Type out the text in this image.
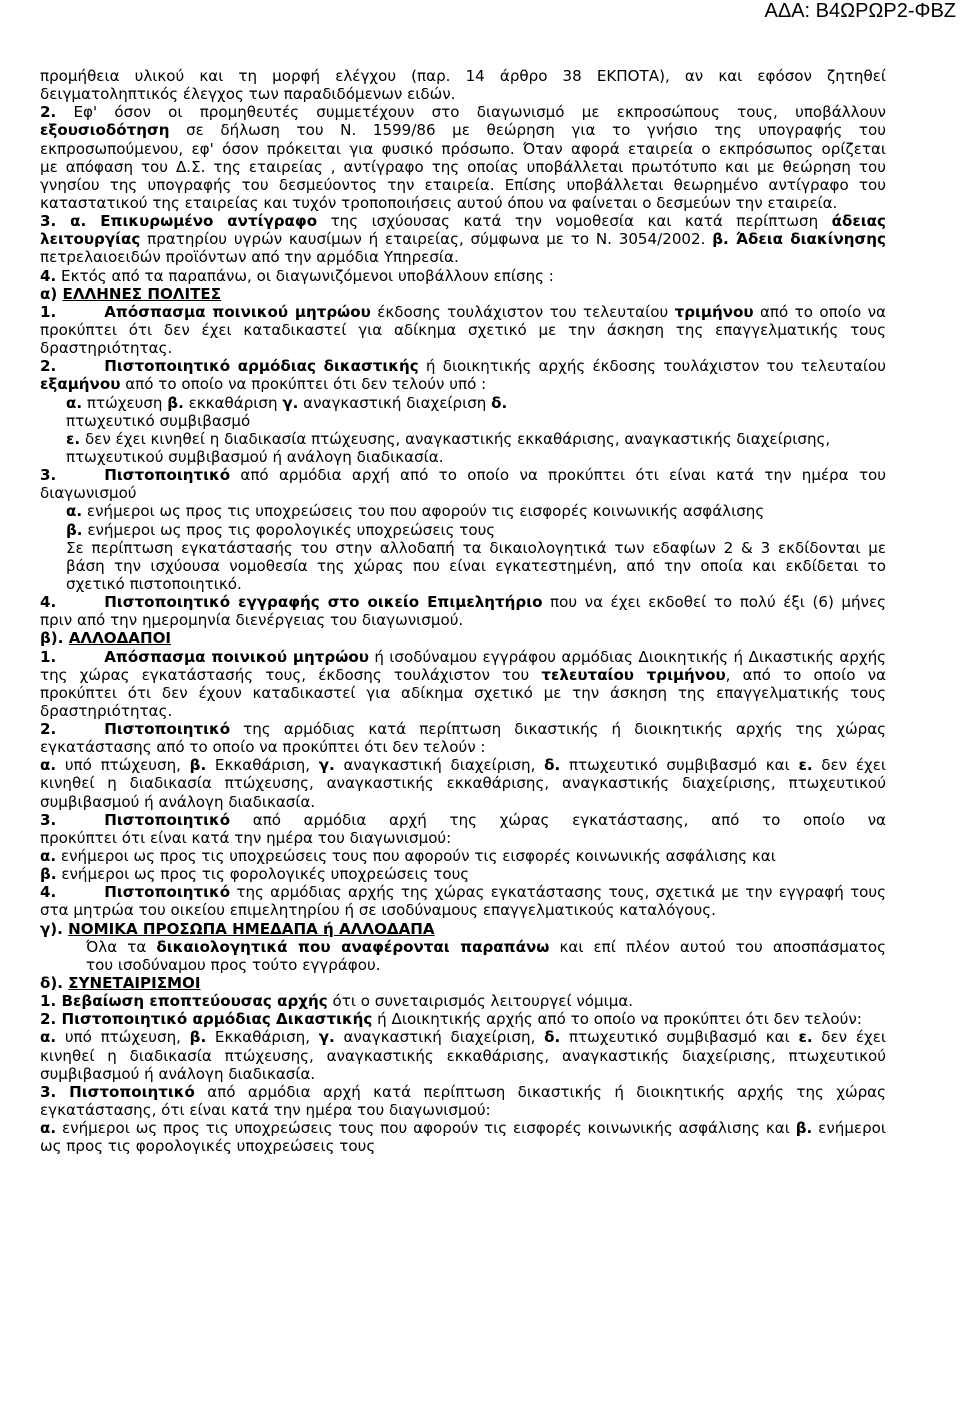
ΑΔΑ: Β4ΩΡΩΡ2-ΦΒΖ
προμήθεια υλικού και τη μορφή ελέγχου (παρ. 14 άρθρο 38 ΕΚΠΟΤΑ), αν και εφόσον ζητηθεί
δειγματοληπτικός έλεγχος των παραδιδόμενων ειδών.
2. Εφ' όσον οι προμηθευτές συμμετέχουν στο διαγωνισμό με εκπροσώπους τους, υποβάλλουν
εξουσιοδότηση σε δήλωση του Ν. 1599/86 με θεώρηση για το γνήσιο της υπογραφής του
εκπροσωπούμενου, εφ' όσον πρόκειται για φυσικό πρόσωπο. Όταν αφορά εταιρεία ο εκπρόσωπος ορίζεται
με απόφαση του Δ.Σ. της εταιρείας , αντίγραφο της οποίας υποβάλλεται πρωτότυπο και με θεώρηση του
γνησίου της υπογραφής του δεσμεύοντος την εταιρεία. Επίσης υποβάλλεται θεωρημένο αντίγραφο του
καταστατικού της εταιρείας και τυχόν τροποποιήσεις αυτού όπου να φαίνεται ο δεσμεύων την εταιρεία.
3. α. Επικυρωμένο αντίγραφο της ισχύουσας κατά την νομοθεσία και κατά περίπτωση άδειας
λειτουργίας πρατηρίου υγρών καυσίμων ή εταιρείας, σύμφωνα με το Ν. 3054/2002. β. Άδεια διακίνησης
πετρελαιοειδών προϊόντων από την αρμόδια Υπηρεσία.
4. Εκτός από τα παραπάνω, οι διαγωνιζόμενοι υποβάλλουν επίσης :
α) ΕΛΛΗΝΕΣ ΠΟΛΙΤΕΣ
1.	Απόσπασμα ποινικού μητρώου έκδοσης τουλάχιστον του τελευταίου τριμήνου από το οποίο να
προκύπτει ότι δεν έχει καταδικαστεί για αδίκημα σχετικό με την άσκηση της επαγγελματικής τους
δραστηριότητας.
2.	Πιστοποιητικό αρμόδιας δικαστικής ή διοικητικής αρχής έκδοσης τουλάχιστον του τελευταίου
εξαμήνου από το οποίο να προκύπτει ότι δεν τελούν υπό :
α. πτώχευση β. εκκαθάριση γ. αναγκαστική διαχείριση δ.
πτωχευτικό συμβιβασμό
ε. δεν έχει κινηθεί η διαδικασία πτώχευσης, αναγκαστικής εκκαθάρισης, αναγκαστικής διαχείρισης,
πτωχευτικού συμβιβασμού ή ανάλογη διαδικασία.
3.	Πιστοποιητικό από αρμόδια αρχή από το οποίο να προκύπτει ότι είναι κατά την ημέρα του
διαγωνισμού
α. ενήμεροι ως προς τις υποχρεώσεις του που αφορούν τις εισφορές κοινωνικής ασφάλισης
β. ενήμεροι ως προς τις φορολογικές υποχρεώσεις τους
Σε περίπτωση εγκατάστασής του στην αλλοδαπή τα δικαιολογητικά των εδαφίων 2 & 3 εκδίδονται με
βάση την ισχύουσα νομοθεσία της χώρας που είναι εγκατεστημένη, από την οποία και εκδίδεται το
σχετικό πιστοποιητικό.
4.	Πιστοποιητικό εγγραφής στο οικείο Επιμελητήριο που να έχει εκδοθεί το πολύ έξι (6) μήνες
πριν από την ημερομηνία διενέργειας του διαγωνισμού.
β). ΑΛΛΟΔΑΠΟΙ
1.	Απόσπασμα ποινικού μητρώου ή ισοδύναμου εγγράφου αρμόδιας Διοικητικής ή Δικαστικής αρχής
της χώρας εγκατάστασής τους, έκδοσης τουλάχιστον του τελευταίου τριμήνου, από το οποίο να
προκύπτει ότι δεν έχουν καταδικαστεί για αδίκημα σχετικό με την άσκηση της επαγγελματικής τους
δραστηριότητας.
2.	Πιστοποιητικό της αρμόδιας κατά περίπτωση δικαστικής ή διοικητικής αρχής της χώρας
εγκατάστασης από το οποίο να προκύπτει ότι δεν τελούν :
α. υπό πτώχευση, β. Εκκαθάριση, γ. αναγκαστική διαχείριση, δ. πτωχευτικό συμβιβασμό και ε. δεν έχει
κινηθεί η διαδικασία πτώχευσης, αναγκαστικής εκκαθάρισης, αναγκαστικής διαχείρισης, πτωχευτικού
συμβιβασμού ή ανάλογη διαδικασία.
3.	Πιστοποιητικό από αρμόδια αρχή της χώρας εγκατάστασης, από το οποίο να
προκύπτει ότι είναι κατά την ημέρα του διαγωνισμού:
α. ενήμεροι ως προς τις υποχρεώσεις τους που αφορούν τις εισφορές κοινωνικής ασφάλισης και
β. ενήμεροι ως προς τις φορολογικές υποχρεώσεις τους
4.	Πιστοποιητικό της αρμόδιας αρχής της χώρας εγκατάστασης τους, σχετικά με την εγγραφή τους
στα μητρώα του οικείου επιμελητηρίου ή σε ισοδύναμους επαγγελματικούς καταλόγους.
γ). ΝΟΜΙΚΑ ΠΡΟΣΩΠΑ ΗΜΕΔΑΠΑ ή ΑΛΛΟΔΑΠΑ
Όλα τα δικαιολογητικά που αναφέρονται παραπάνω και επί πλέον αυτού του αποσπάσματος
του ισοδύναμου προς τούτο εγγράφου.
δ). ΣΥΝΕΤΑΙΡΙΣΜΟΙ
1. Βεβαίωση εποπτεύουσας αρχής ότι ο συνεταιρισμός λειτουργεί νόμιμα.
2. Πιστοποιητικό αρμόδιας Δικαστικής ή Διοικητικής αρχής από το οποίο να προκύπτει ότι δεν τελούν:
α. υπό πτώχευση, β. Εκκαθάριση, γ. αναγκαστική διαχείριση, δ. πτωχευτικό συμβιβασμό και ε. δεν έχει
κινηθεί η διαδικασία πτώχευσης, αναγκαστικής εκκαθάρισης, αναγκαστικής διαχείρισης, πτωχευτικού
συμβιβασμού ή ανάλογη διαδικασία.
3. Πιστοποιητικό από αρμόδια αρχή κατά περίπτωση δικαστικής ή διοικητικής αρχής της χώρας
εγκατάστασης, ότι είναι κατά την ημέρα του διαγωνισμού:
α. ενήμεροι ως προς τις υποχρεώσεις τους που αφορούν τις εισφορές κοινωνικής ασφάλισης και β. ενήμεροι
ως προς τις φορολογικές υποχρεώσεις τους
